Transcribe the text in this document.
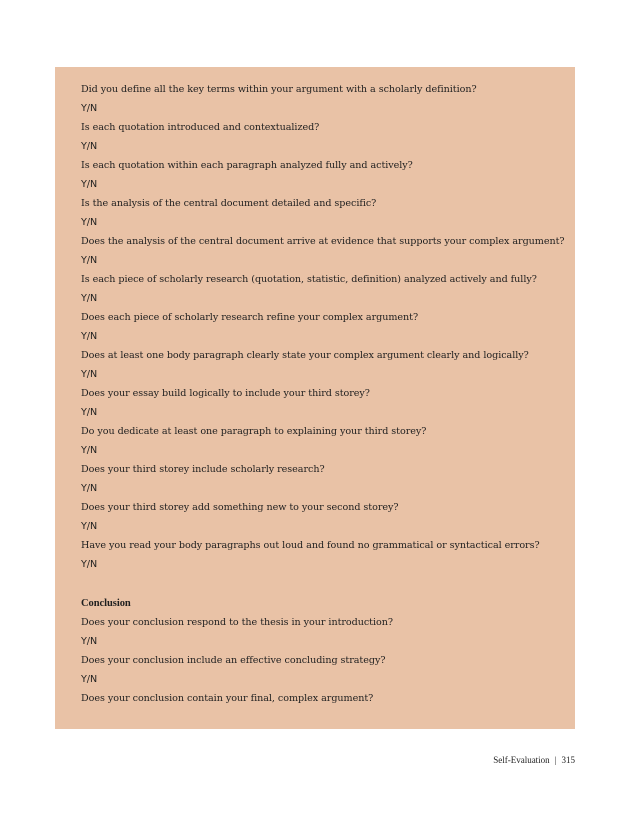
Did you define all the key terms within your argument with a scholarly definition?
Y/N
Is each quotation introduced and contextualized?
Y/N
Is each quotation within each paragraph analyzed fully and actively?
Y/N
Is the analysis of the central document detailed and specific?
Y/N
Does the analysis of the central document arrive at evidence that supports your complex argument?
Y/N
Is each piece of scholarly research (quotation, statistic, definition) analyzed actively and fully?
Y/N
Does each piece of scholarly research refine your complex argument?
Y/N
Does at least one body paragraph clearly state your complex argument clearly and logically?
Y/N
Does your essay build logically to include your third storey?
Y/N
Do you dedicate at least one paragraph to explaining your third storey?
Y/N
Does your third storey include scholarly research?
Y/N
Does your third storey add something new to your second storey?
Y/N
Have you read your body paragraphs out loud and found no grammatical or syntactical errors?
Y/N
Conclusion
Does your conclusion respond to the thesis in your introduction?
Y/N
Does your conclusion include an effective concluding strategy?
Y/N
Does your conclusion contain your final, complex argument?
Self-Evaluation | 315
